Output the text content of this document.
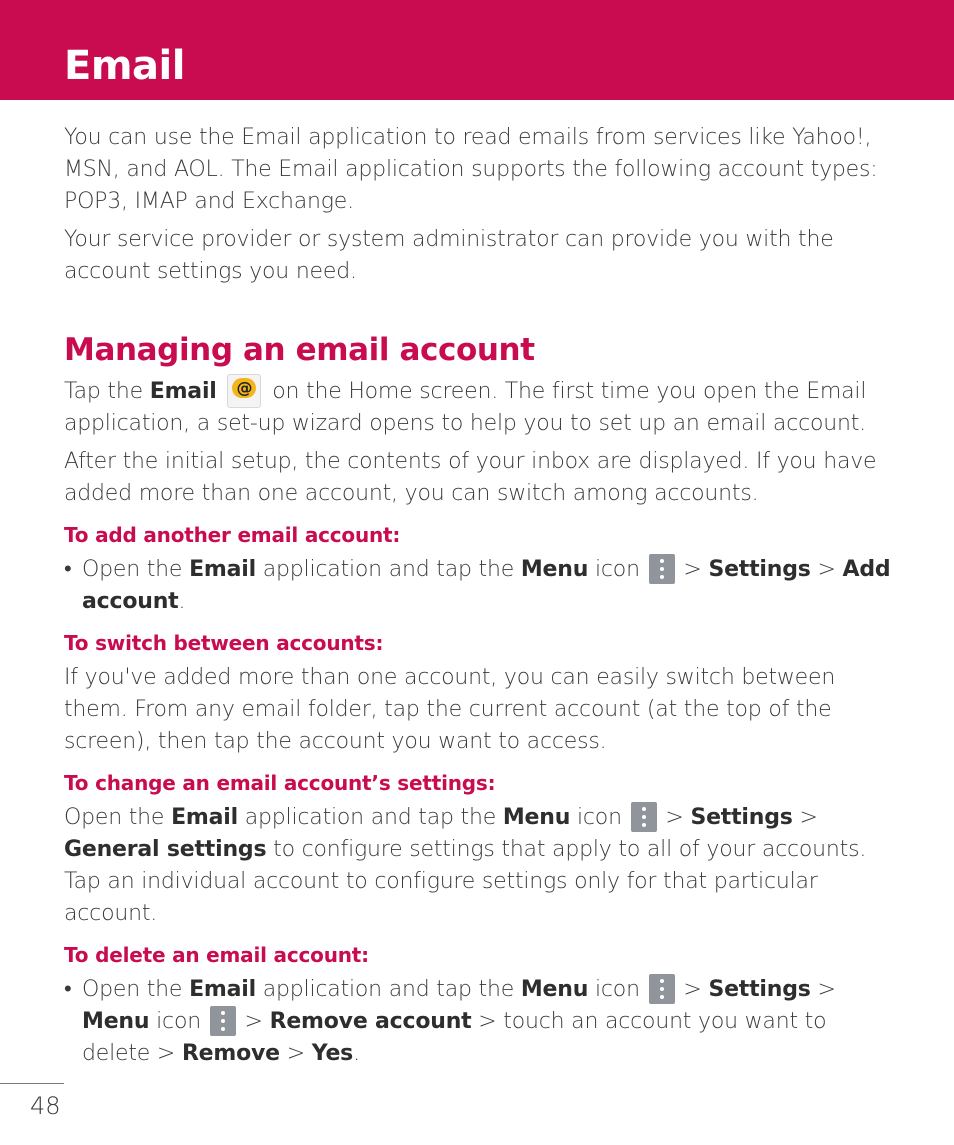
Email

You can use the Email application to read emails from services like Yahoo!, MSN, and AOL. The Email application supports the following account types: POP3, IMAP and Exchange.

Your service provider or system administrator can provide you with the account settings you need.

Managing an email account

Tap the Email @ on the Home screen. The first time you open the Email application, a set-up wizard opens to help you to set up an email account.

After the initial setup, the contents of your inbox are displayed. If you have added more than one account, you can switch among accounts.

To add another email account:

• Open the Email application and tap the Menu icon > Settings > Add account.

To switch between accounts:

If you've added more than one account, you can easily switch between them. From any email folder, tap the current account (at the top of the screen), then tap the account you want to access.

To change an email account’s settings:

Open the Email application and tap the Menu icon > Settings > General settings to configure settings that apply to all of your accounts. Tap an individual account to configure settings only for that particular account.

To delete an email account:

• Open the Email application and tap the Menu icon > Settings > Menu icon > Remove account > touch an account you want to delete > Remove > Yes.

48
